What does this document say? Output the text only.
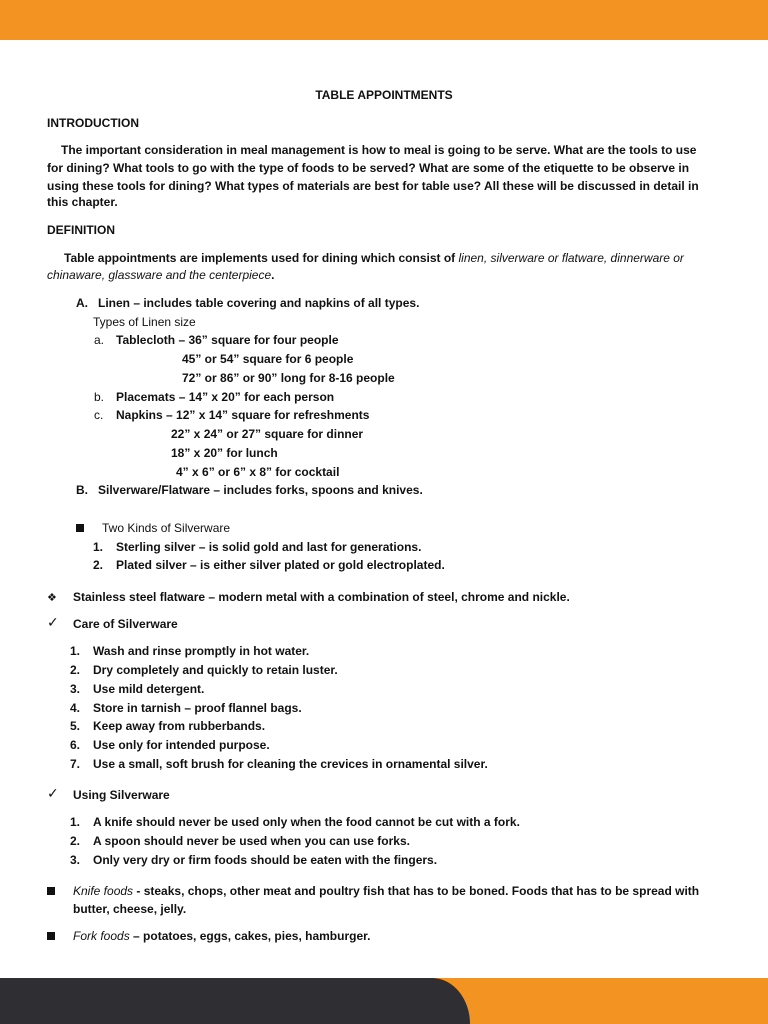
TABLE APPOINTMENTS
INTRODUCTION
The important consideration in meal management is how to meal is going to be serve. What are the tools to use
for dining? What tools to go with the type of foods to be served? What are some of the etiquette to be observe in
using these tools for dining? What types of materials are best for table use? All these will be discussed in detail in
this chapter.
DEFINITION
Table appointments are implements used for dining which consist of linen, silverware or flatware, dinnerware or
chinaware, glassware and the centerpiece.
A. Linen – includes table covering and napkins of all types.
Types of Linen size
a. Tablecloth – 36” square for four people
45” or 54” square for 6 people
72” or 86” or 90” long for 8-16 people
b. Placemats – 14” x 20” for each person
c. Napkins – 12” x 14” square for refreshments
22” x 24” or 27” square for dinner
18” x 20” for lunch
4” x 6” or 6” x 8” for cocktail
B. Silverware/Flatware – includes forks, spoons and knives.
Two Kinds of Silverware
1. Sterling silver – is solid gold and last for generations.
2. Plated silver – is either silver plated or gold electroplated.
❖ Stainless steel flatware – modern metal with a combination of steel, chrome and nickle.
✓ Care of Silverware
1. Wash and rinse promptly in hot water.
2. Dry completely and quickly to retain luster.
3. Use mild detergent.
4. Store in tarnish – proof flannel bags.
5. Keep away from rubberbands.
6. Use only for intended purpose.
7. Use a small, soft brush for cleaning the crevices in ornamental silver.
✓ Using Silverware
1. A knife should never be used only when the food cannot be cut with a fork.
2. A spoon should never be used when you can use forks.
3. Only very dry or firm foods should be eaten with the fingers.
Knife foods - steaks, chops, other meat and poultry fish that has to be boned. Foods that has to be spread with
butter, cheese, jelly.
Fork foods – potatoes, eggs, cakes, pies, hamburger.
